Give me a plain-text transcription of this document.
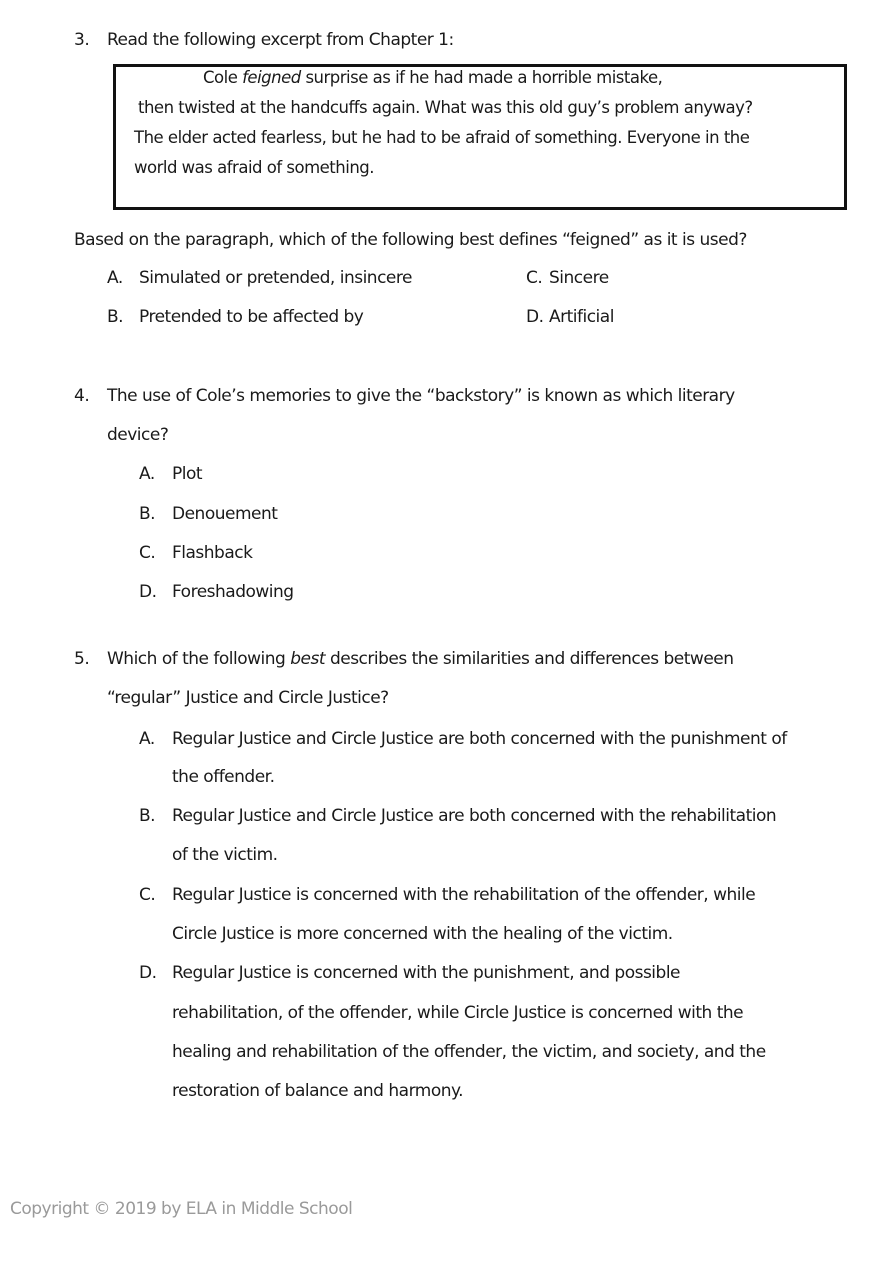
3. Read the following excerpt from Chapter 1:
Cole feigned surprise as if he had made a horrible mistake,
then twisted at the handcuffs again. What was this old guy’s problem anyway?
The elder acted fearless, but he had to be afraid of something. Everyone in the
world was afraid of something.
Based on the paragraph, which of the following best defines “feigned” as it is used?
A. Simulated or pretended, insincere
B. Pretended to be affected by
C. Sincere
D. Artificial
4. The use of Cole’s memories to give the “backstory” is known as which literary
device?
A. Plot
B. Denouement
C. Flashback
D. Foreshadowing
5. Which of the following best describes the similarities and differences between
“regular” Justice and Circle Justice?
A. Regular Justice and Circle Justice are both concerned with the punishment of
the offender.
B. Regular Justice and Circle Justice are both concerned with the rehabilitation
of the victim.
C. Regular Justice is concerned with the rehabilitation of the offender, while
Circle Justice is more concerned with the healing of the victim.
D. Regular Justice is concerned with the punishment, and possible
rehabilitation, of the offender, while Circle Justice is concerned with the
healing and rehabilitation of the offender, the victim, and society, and the
restoration of balance and harmony.
Copyright © 2019 by ELA in Middle School
